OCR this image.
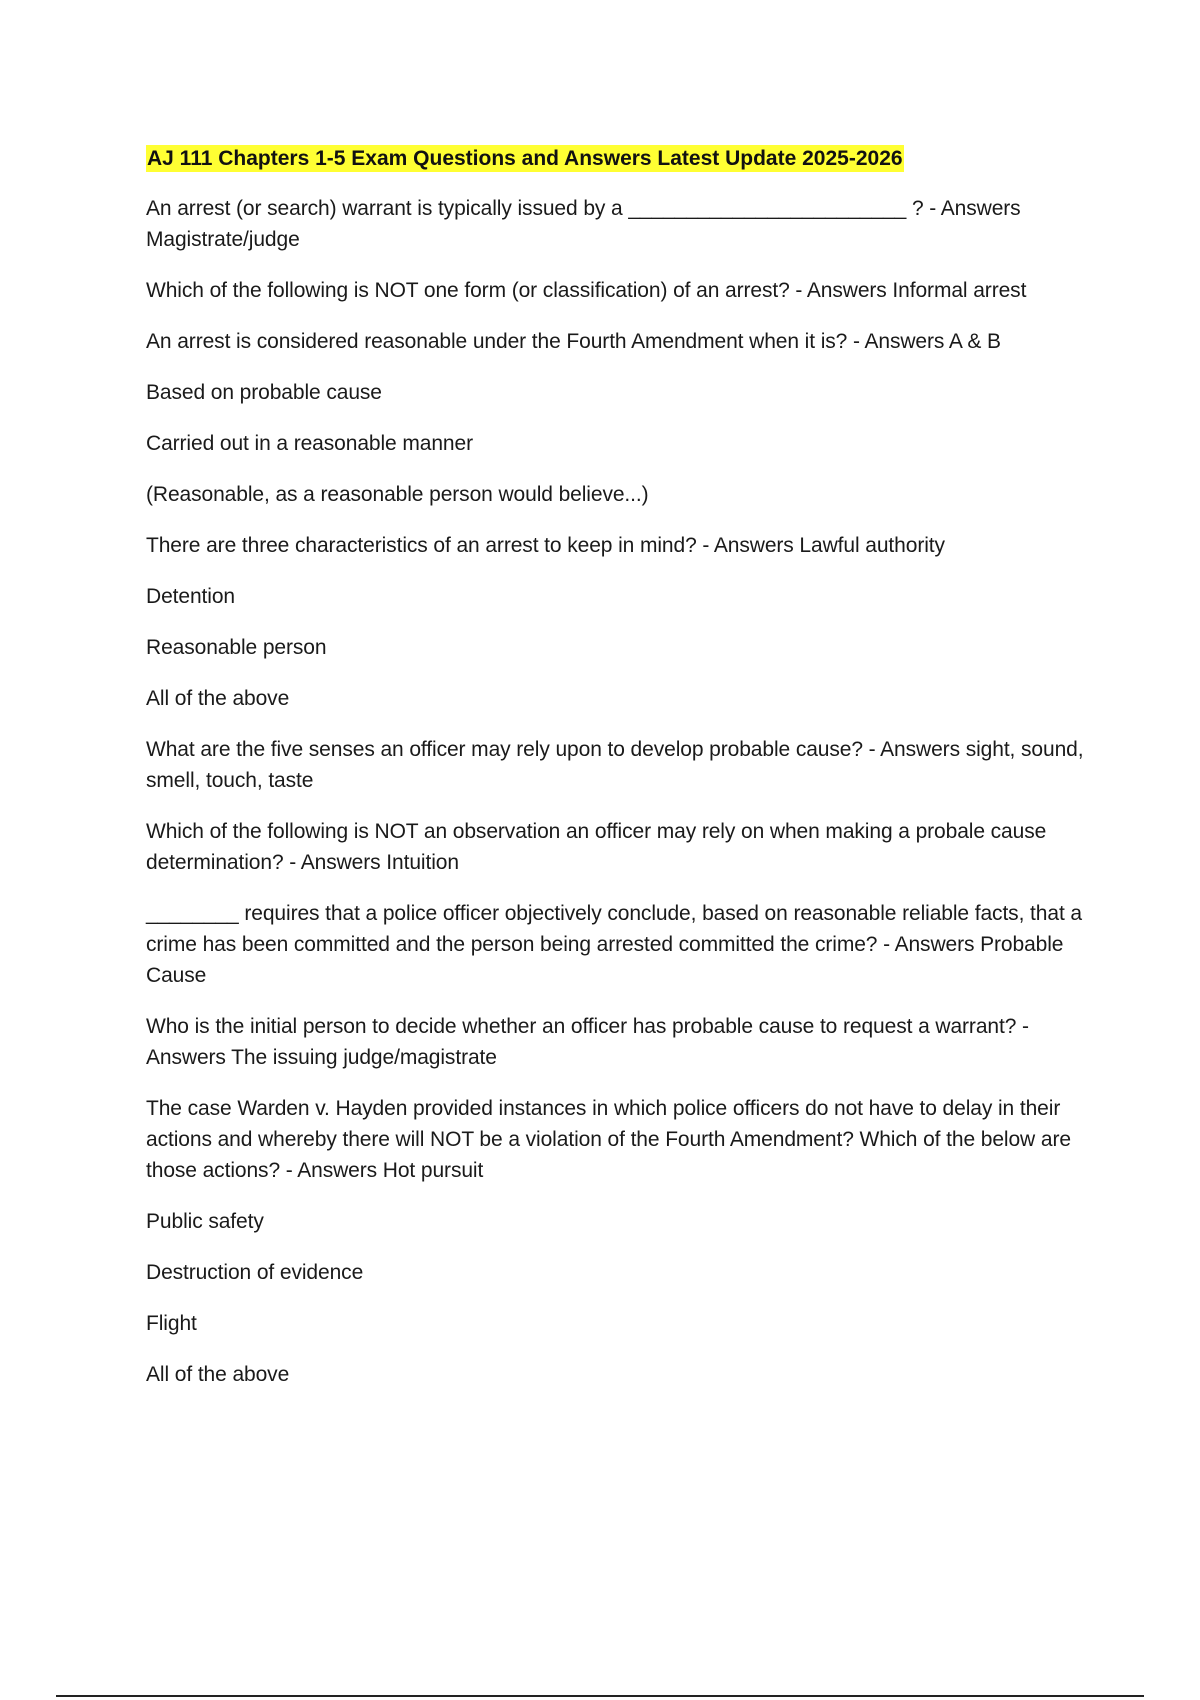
AJ 111 Chapters 1-5 Exam Questions and Answers Latest Update 2025-2026

An arrest (or search) warrant is typically issued by a ________________________ ? - Answers Magistrate/judge

Which of the following is NOT one form (or classification) of an arrest? - Answers Informal arrest

An arrest is considered reasonable under the Fourth Amendment when it is? - Answers A & B

Based on probable cause

Carried out in a reasonable manner

(Reasonable, as a reasonable person would believe...)

There are three characteristics of an arrest to keep in mind? - Answers Lawful authority

Detention

Reasonable person

All of the above

What are the five senses an officer may rely upon to develop probable cause? - Answers sight, sound, smell, touch, taste

Which of the following is NOT an observation an officer may rely on when making a probale cause determination? - Answers Intuition

________ requires that a police officer objectively conclude, based on reasonable reliable facts, that a crime has been committed and the person being arrested committed the crime? - Answers Probable Cause

Who is the initial person to decide whether an officer has probable cause to request a warrant? - Answers The issuing judge/magistrate

The case Warden v. Hayden provided instances in which police officers do not have to delay in their actions and whereby there will NOT be a violation of the Fourth Amendment? Which of the below are those actions? - Answers Hot pursuit

Public safety

Destruction of evidence

Flight

All of the above
